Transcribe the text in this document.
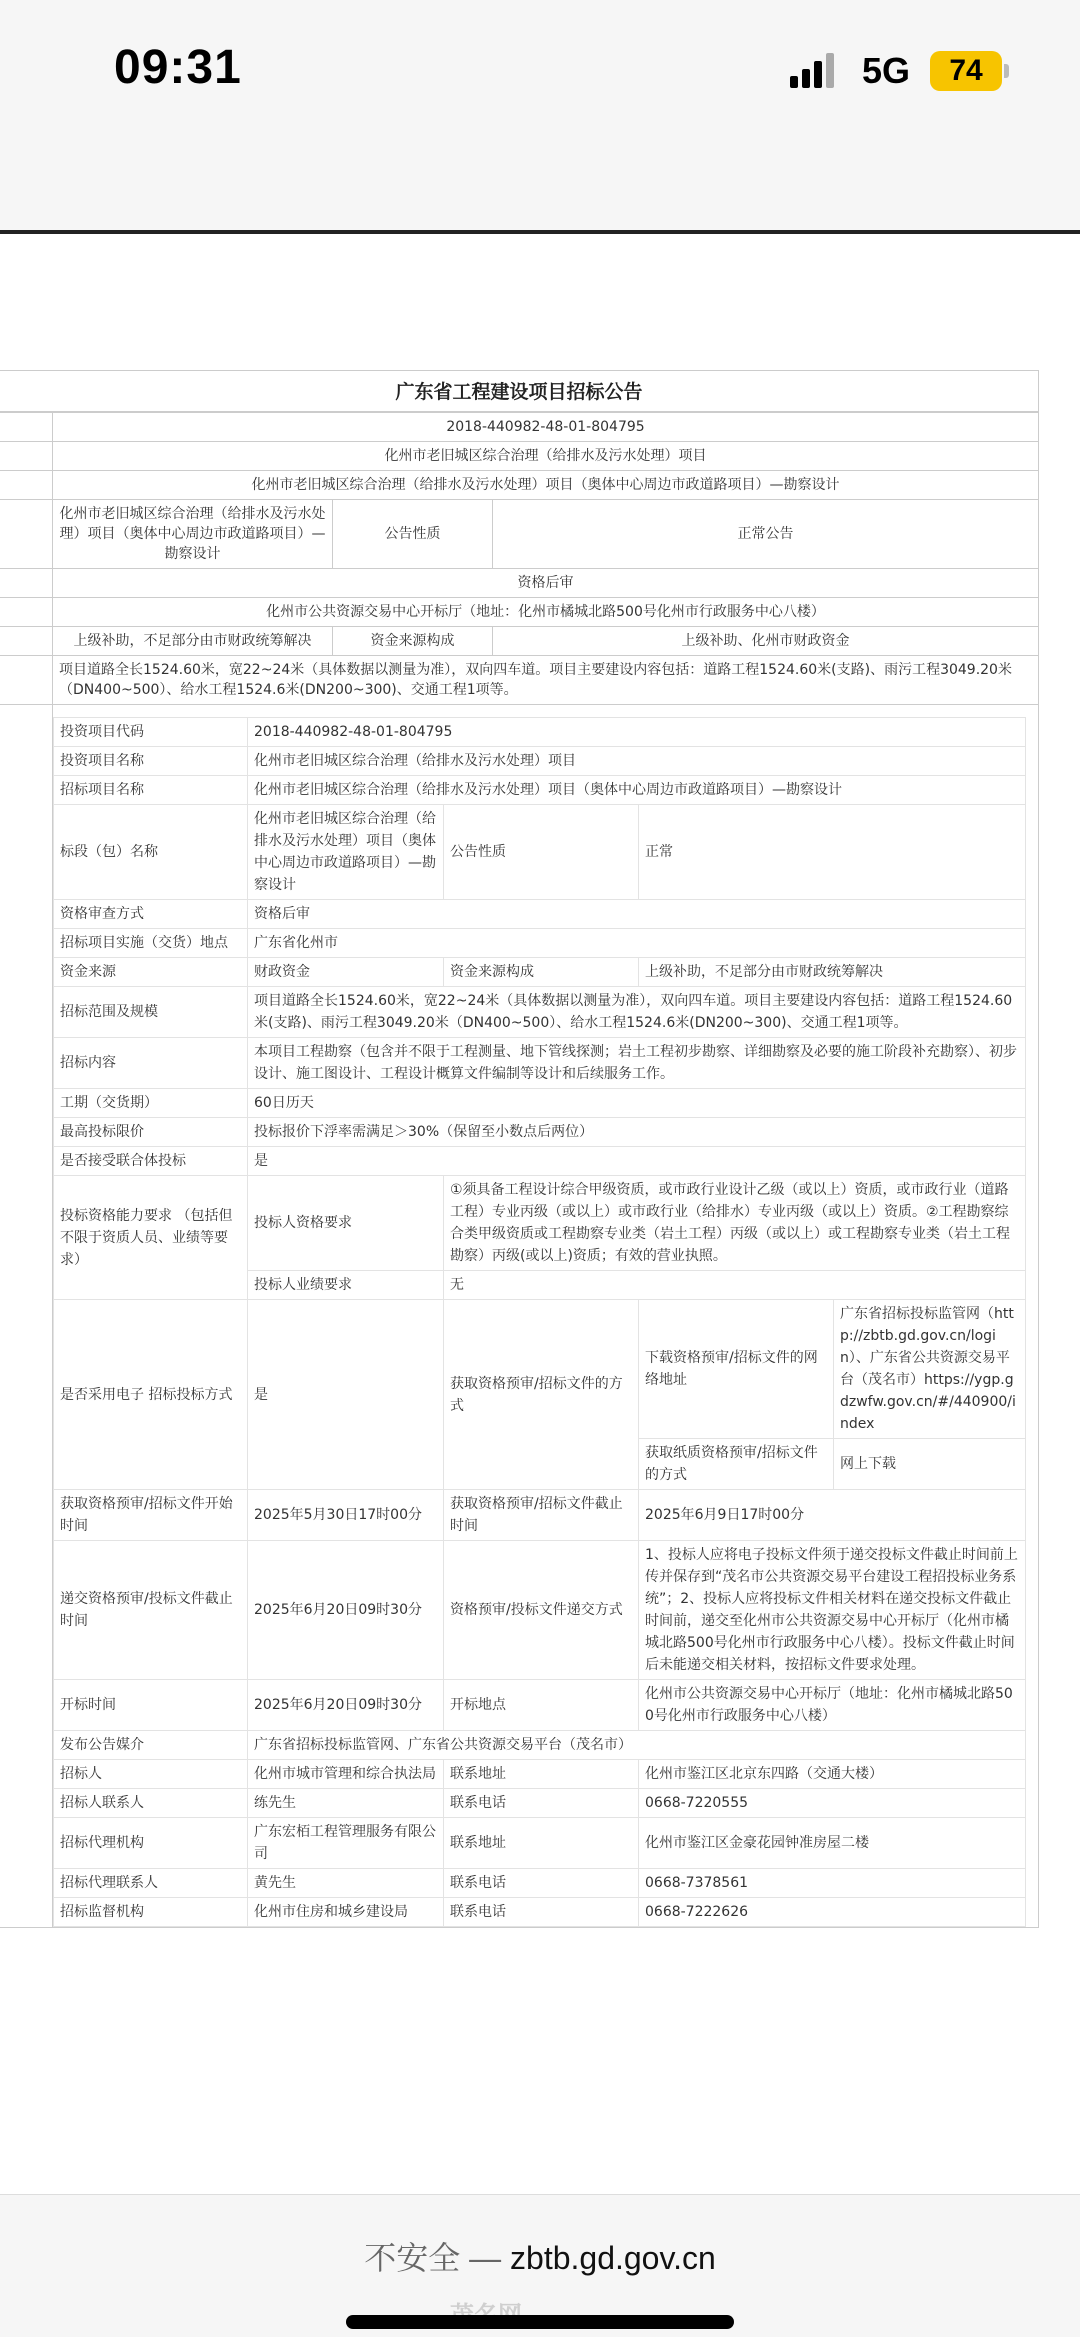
09:31	5G	74
广东省工程建设项目招标公告
	2018-440982-48-01-804795		
	化州市老旧城区综合治理（给排水及污水处理）项目		
	化州市老旧城区综合治理（给排水及污水处理）项目（奥体中心周边市政道路项目）—勘察设计		
	化州市老旧城区综合治理（给排水及污水处理）项目（奥体中心周边市政道路项目）—勘察设计	公告性质	正常公告
	资格后审		
	化州市公共资源交易中心开标厅（地址：化州市橘城北路500号化州市行政服务中心八楼）		
	上级补助，不足部分由市财政统筹解决	资金来源构成	上级补助、化州市财政资金
	项目道路全长1524.60米，宽22~24米（具体数据以测量为准），双向四车道。项目主要建设内容包括：道路工程1524.60米(支路)、雨污工程3049.20米（DN400~500）、给水工程1524.6米(DN200~300)、交通工程1项等。		
投资项目代码	2018-440982-48-01-804795			
投资项目名称	化州市老旧城区综合治理（给排水及污水处理）项目			
招标项目名称	化州市老旧城区综合治理（给排水及污水处理）项目（奥体中心周边市政道路项目）—勘察设计			
标段（包）名称	化州市老旧城区综合治理（给排水及污水处理）项目（奥体中心周边市政道路项目）—勘察设计	公告性质	正常	
资格审查方式	资格后审			
招标项目实施（交货）地点	广东省化州市			
资金来源	财政资金	资金来源构成	上级补助，不足部分由市财政统筹解决	
招标范围及规模	项目道路全长1524.60米，宽22~24米（具体数据以测量为准），双向四车道。项目主要建设内容包括：道路工程1524.60米(支路)、雨污工程3049.20米（DN400~500）、给水工程1524.6米(DN200~300)、交通工程1项等。			
招标内容	本项目工程勘察（包含并不限于工程测量、地下管线探测；岩土工程初步勘察、详细勘察及必要的施工阶段补充勘察）、初步设计、施工图设计、工程设计概算文件编制等设计和后续服务工作。			
工期（交货期）	60日历天			
最高投标限价	投标报价下浮率需满足＞30%（保留至小数点后两位）			
是否接受联合体投标	是			
投标资格能力要求 （包括但不限于资质人员、业绩等要求）	投标人资格要求	①须具备工程设计综合甲级资质，或市政行业设计乙级（或以上）资质，或市政行业（道路工程）专业丙级（或以上）或市政行业（给排水）专业丙级（或以上）资质。②工程勘察综合类甲级资质或工程勘察专业类（岩土工程）丙级（或以上）或工程勘察专业类（岩土工程勘察）丙级(或以上)资质；有效的营业执照。		
	投标人业绩要求	无		
是否采用电子 招标投标方式	是	获取资格预审/招标文件的方式	下载资格预审/招标文件的网络地址	广东省招标投标监管网（http://zbtb.gd.gov.cn/login）、广东省公共资源交易平台（茂名市）https://ygp.gdzwfw.gov.cn/#/440900/index
			获取纸质资格预审/招标文件的方式	网上下载
获取资格预审/招标文件开始时间	2025年5月30日17时00分	获取资格预审/招标文件截止时间	2025年6月9日17时00分	
递交资格预审/投标文件截止时间	2025年6月20日09时30分	资格预审/投标文件递交方式	1、投标人应将电子投标文件须于递交投标文件截止时间前上传并保存到“茂名市公共资源交易平台建设工程招投标业务系统”；2、投标人应将投标文件相关材料在递交投标文件截止时间前，递交至化州市公共资源交易中心开标厅（化州市橘城北路500号化州市行政服务中心八楼）。投标文件截止时间后未能递交相关材料，按招标文件要求处理。	
开标时间	2025年6月20日09时30分	开标地点	化州市公共资源交易中心开标厅（地址：化州市橘城北路500号化州市行政服务中心八楼）	
发布公告媒介	广东省招标投标监管网、广东省公共资源交易平台（茂名市）			
招标人	化州市城市管理和综合执法局	联系地址	化州市鉴江区北京东四路（交通大楼）	
招标人联系人	练先生	联系电话	0668-7220555	
招标代理机构	广东宏栢工程管理服务有限公司	联系地址	化州市鉴江区金豪花园钟准房屋二楼	
招标代理联系人	黄先生	联系电话	0668-7378561	
招标监督机构	化州市住房和城乡建设局	联系电话	0668-7222626	
不安全 — zbtb.gd.gov.cn
